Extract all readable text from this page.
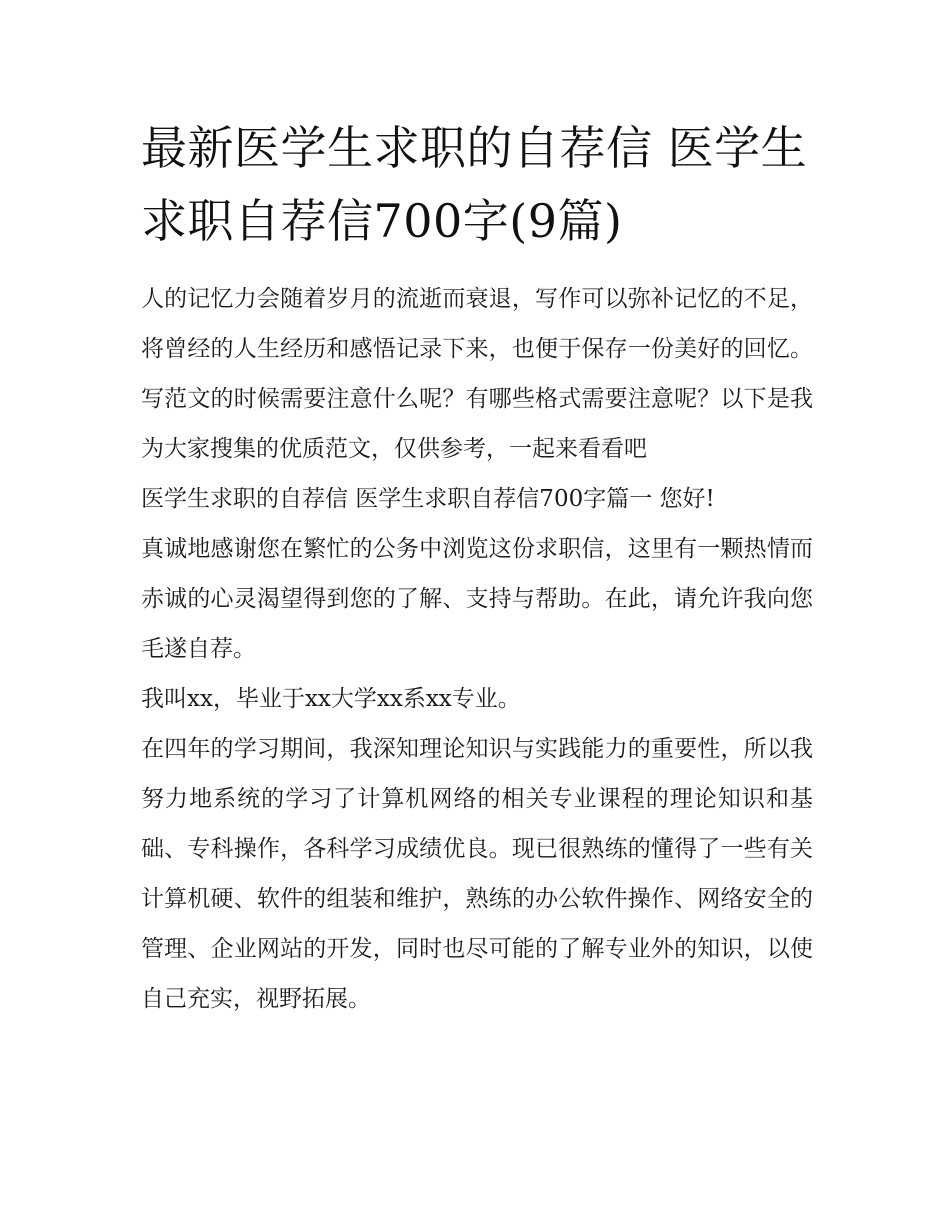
最新医学生求职的自荐信 医学生求职自荐信700字(9篇)

人的记忆力会随着岁月的流逝而衰退，写作可以弥补记忆的不足，将曾经的人生经历和感悟记录下来，也便于保存一份美好的回忆。写范文的时候需要注意什么呢？有哪些格式需要注意呢？以下是我为大家搜集的优质范文，仅供参考，一起来看看吧

医学生求职的自荐信 医学生求职自荐信700字篇一 您好!

真诚地感谢您在繁忙的公务中浏览这份求职信，这里有一颗热情而赤诚的心灵渴望得到您的了解、支持与帮助。在此，请允许我向您毛遂自荐。

我叫xx，毕业于xx大学xx系xx专业。

在四年的学习期间，我深知理论知识与实践能力的重要性，所以我努力地系统的学习了计算机网络的相关专业课程的理论知识和基础、专科操作，各科学习成绩优良。现已很熟练的懂得了一些有关计算机硬、软件的组装和维护，熟练的办公软件操作、网络安全的管理、企业网站的开发，同时也尽可能的了解专业外的知识，以使自己充实，视野拓展。
